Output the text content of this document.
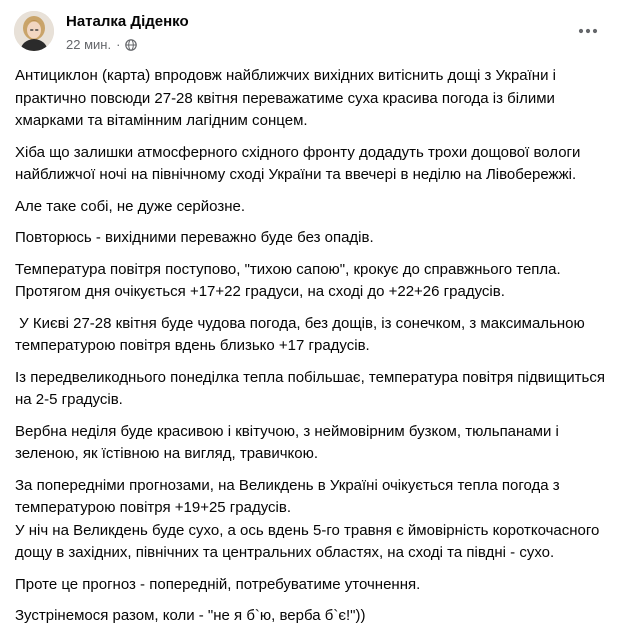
Наталка Діденко
22 мин. ·

Антициклон (карта) впродовж найближчих вихідних витіснить дощі з України і практично повсюди 27-28 квітня переважатиме суха красива погода із білими хмарками та вітамінним лагідним сонцем.

Хіба що залишки атмосферного східного фронту додадуть трохи дощової вологи найближчої ночі на північному сході України та ввечері в неділю на Лівобережжі.

Але таке собі, не дуже серйозне.

Повторюсь - вихідними переважно буде без опадів.

Температура повітря поступово, "тихою сапою", крокує до справжнього тепла. Протягом дня очікується +17+22 градуси, на сході до +22+26 градусів.

У Києві 27-28 квітня буде чудова погода, без дощів, із сонечком, з максимальною температурою повітря вдень близько +17 градусів.

Із передвеликоднього понеділка тепла побільшає, температура повітря підвищиться на 2-5 градусів.

Вербна неділя буде красивою і квітучою, з неймовірним бузком, тюльпанами і зеленою, як їстівною на вигляд, травичкою.

За попередніми прогнозами, на Великдень в Україні очікується тепла погода з температурою повітря +19+25 градусів.
У ніч на Великдень буде сухо, а ось вдень 5-го травня є ймовірність короткочасного дощу в західних, північних та центральних областях, на сході та півдні - сухо.

Проте це прогноз - попередній, потребуватиме уточнення.

Зустрінемося разом, коли - "не я б`ю, верба б`є!"))
